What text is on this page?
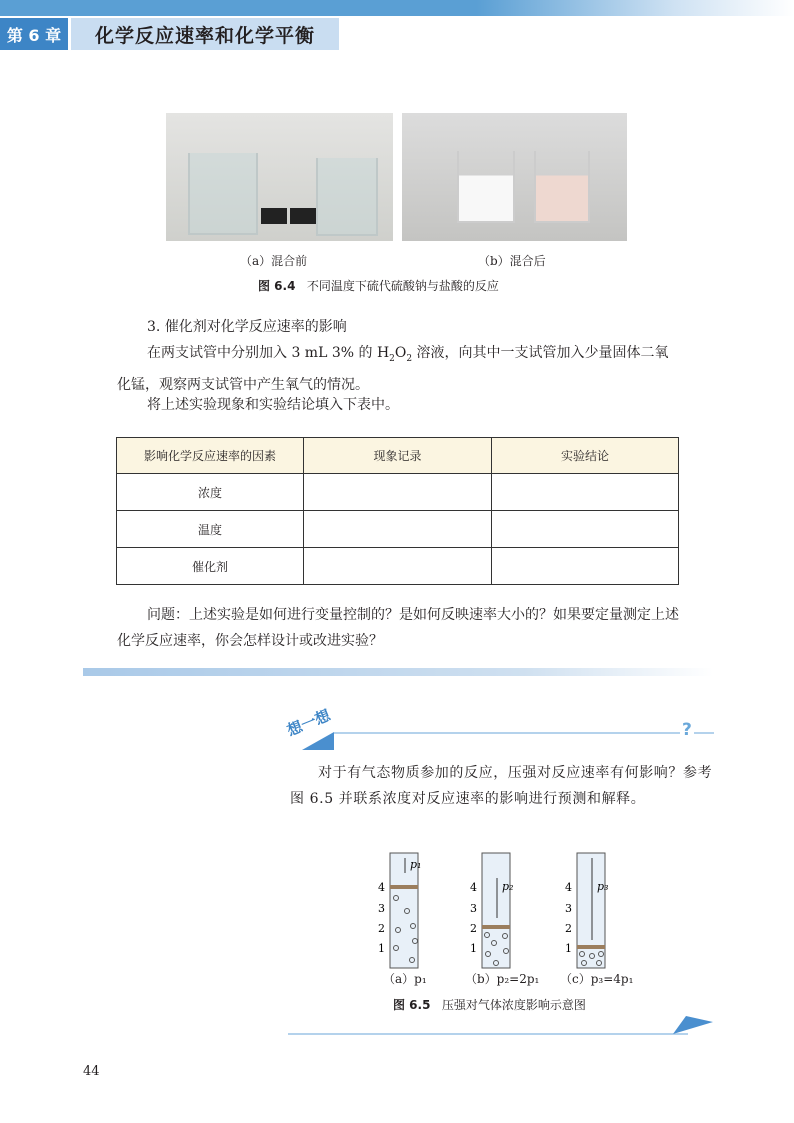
第 6 章	化学反应速率和化学平衡
（a）混合前	（b）混合后
图 6.4 不同温度下硫代硫酸钠与盐酸的反应
3. 催化剂对化学反应速率的影响
在两支试管中分别加入 3 mL 3% 的 $H_2O_2$ 溶液，向其中一支试管加入少量固体二氧化锰，观察两支试管中产生氧气的情况。
将上述实验现象和实验结论填入下表中。
影响化学反应速率的因素	现象记录	实验结论
浓度		
温度		
催化剂		
问题：上述实验是如何进行变量控制的？是如何反映速率大小的？如果要定量测定上述化学反应速率，你会怎样设计或改进实验？
想一想	?
对于有气态物质参加的反应，压强对反应速率有何影响？参考图 6.5 并联系浓度对反应速率的影响进行预测和解释。
4
3
2
1
p₁
4
3
2
1
p₂	4
3
2
1
p₃
（a）p₁	（b）p₂=2p₁ （c）p₃=4p₁
图 6.5 压强对气体浓度影响示意图
44
